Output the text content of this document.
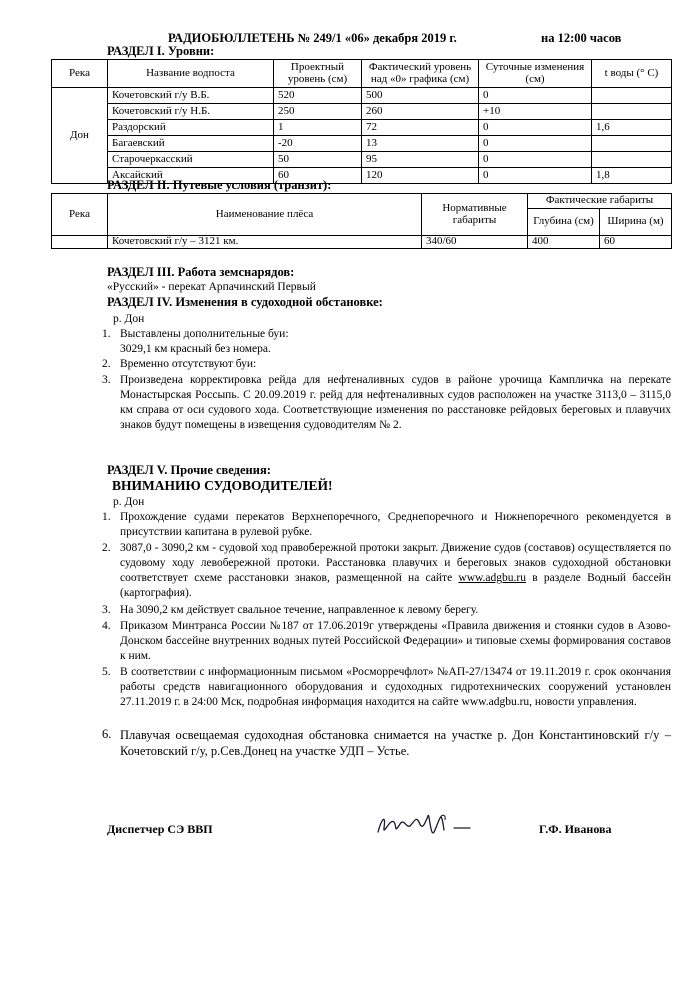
РАДИОБЮЛЛЕТЕНЬ № 249/1 «06» декабря 2019 г.	на 12:00 часов
РАЗДЕЛ I. Уровни:
Река	Название водпоста	Проектный уровень (см)	Фактический уровень над «0» графика (см)	Суточные изменения (см)	t воды (° С)
Дон	Кочетовский г/у В.Б.	520	500	0	
	Кочетовский г/у Н.Б.	250	260	+10	
	Раздорский	1	72	0	1,6
	Багаевский	-20	13	0	
	Старочеркасский	50	95	0	
	Аксайский	60	120	0	1,8
РАЗДЕЛ II. Путевые условия (транзит):
Река	Наименование плёса	Нормативные габариты	Фактические габариты	
			Глубина (см)	Ширина (м)
	Кочетовский г/у – 3121 км.	340/60	400	60
РАЗДЕЛ III. Работа земснарядов:
«Русский» - перекат Арпачинский Первый
РАЗДЕЛ IV. Изменения в судоходной обстановке:
р. Дон
1. Выставлены дополнительные буи:
3029,1 км красный без номера.
2. Временно отсутствуют буи:
3. Произведена корректировка рейда для нефтеналивных судов в районе урочища Кампличка на перекате Монастырская Россыпь. С 20.09.2019 г. рейд для нефтеналивных судов расположен на участке 3113,0 – 3115,0 км справа от оси судового хода. Соответствующие изменения по расстановке рейдовых береговых и плавучих знаков будут помещены в извещения судоводителям № 2.
РАЗДЕЛ V. Прочие сведения:
ВНИМАНИЮ СУДОВОДИТЕЛЕЙ!
р. Дон
1. Прохождение судами перекатов Верхнепоречного, Среднепоречного и Нижнепоречного рекомендуется в присутствии капитана в рулевой рубке.
2. 3087,0 - 3090,2 км - судовой ход правобережной протоки закрыт. Движение судов (составов) осуществляется по судовому ходу левобережной протоки. Расстановка плавучих и береговых знаков судоходной обстановки соответствует схеме расстановки знаков, размещенной на сайте www.adgbu.ru в разделе Водный бассейн (картография).
3. На 3090,2 км действует свальное течение, направленное к левому берегу.
4. Приказом Минтранса России №187 от 17.06.2019г утверждены «Правила движения и стоянки судов в Азово-Донском бассейне внутренних водных путей Российской Федерации» и типовые схемы формирования составов к ним.
5. В соответствии с информационным письмом «Росморречфлот» №АП-27/13474 от 19.11.2019 г. срок окончания работы средств навигационного оборудования и судоходных гидротехнических сооружений установлен 27.11.2019 г. в 24:00 Мск, подробная информация находится на сайте www.adgbu.ru, новости управления.
6. Плавучая освещаемая судоходная обстановка снимается на участке р. Дон Константиновский г/у – Кочетовский г/у, р.Сев.Донец на участке УДП – Устье.
Диспетчер СЭ ВВП	Г.Ф. Иванова
